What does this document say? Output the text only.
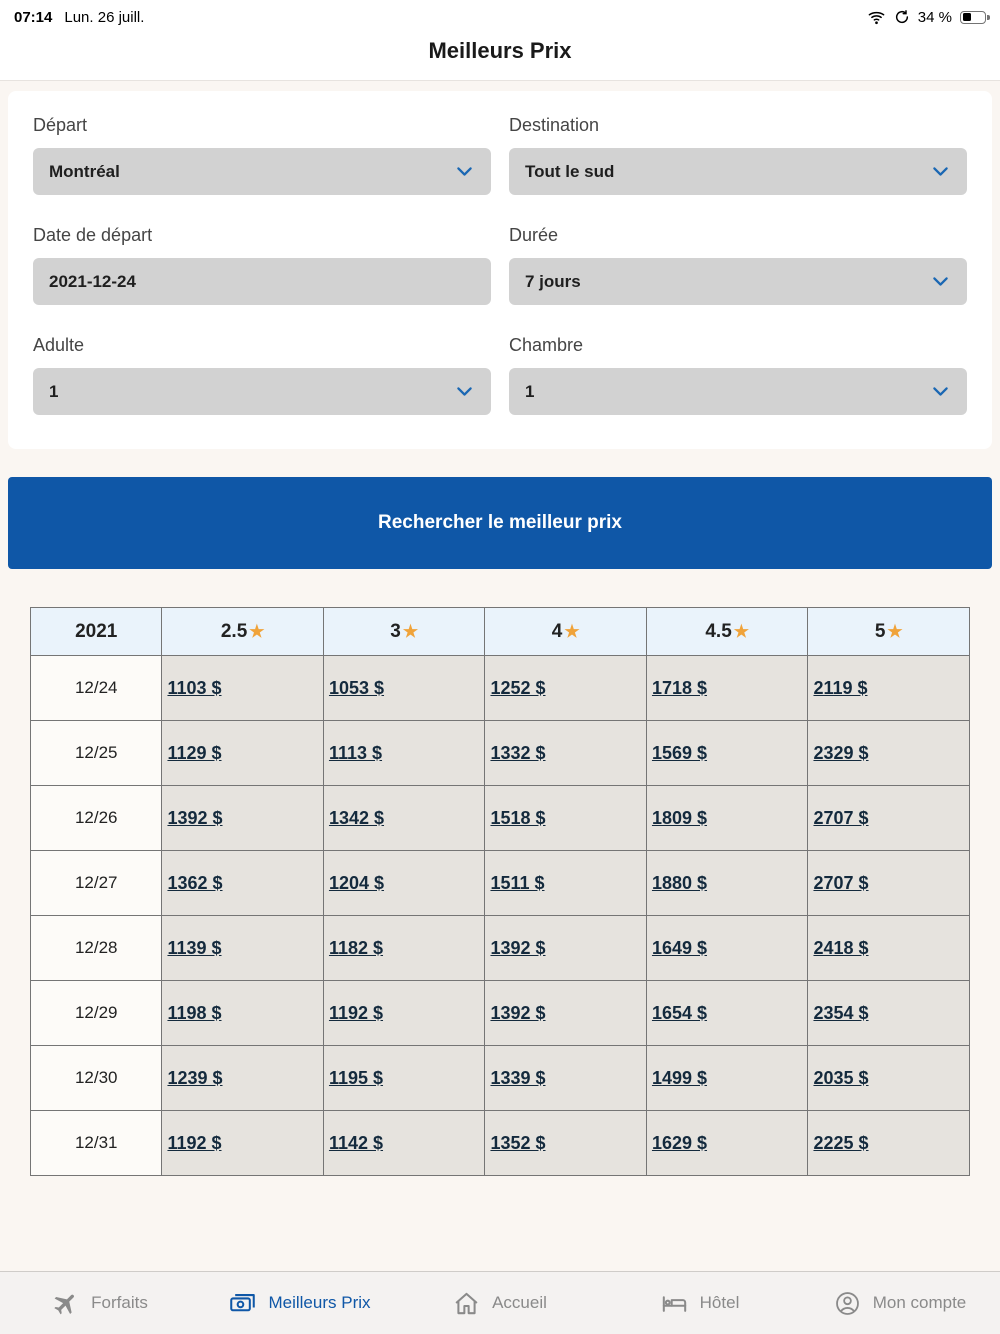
07:14 Lun. 26 juill.	34 %
Meilleurs Prix
Départ
Montréal
Destination
Tout le sud
Date de départ
2021-12-24
Durée
7 jours
Adulte
1
Chambre
1
Rechercher le meilleur prix
2021	2.5 ★	3 ★	4 ★	4.5 ★	5 ★
12/24	1103 $	1053 $	1252 $	1718 $	2119 $
12/25	1129 $	1113 $	1332 $	1569 $	2329 $
12/26	1392 $	1342 $	1518 $	1809 $	2707 $
12/27	1362 $	1204 $	1511 $	1880 $	2707 $
12/28	1139 $	1182 $	1392 $	1649 $	2418 $
12/29	1198 $	1192 $	1392 $	1654 $	2354 $
12/30	1239 $	1195 $	1339 $	1499 $	2035 $
12/31	1192 $	1142 $	1352 $	1629 $	2225 $
Forfaits	Meilleurs Prix	Accueil	Hôtel	Mon compte
